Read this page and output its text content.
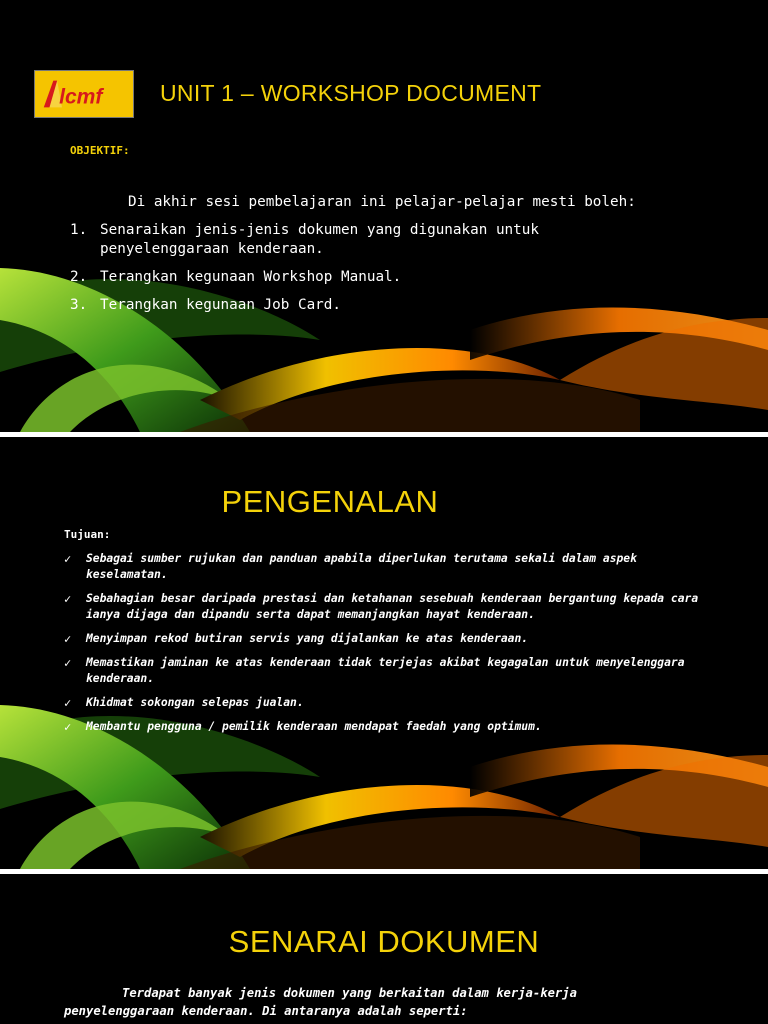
lcmf	UNIT 1 – WORKSHOP DOCUMENT
OBJEKTIF:
Di akhir sesi pembelajaran ini pelajar-pelajar mesti boleh:
1. Senaraikan jenis-jenis dokumen yang digunakan untuk penyelenggaraan kenderaan.
2. Terangkan kegunaan Workshop Manual.
3. Terangkan kegunaan Job Card.
PENGENALAN
Tujuan:
✓	Sebagai sumber rujukan dan panduan apabila diperlukan terutama sekali dalam aspek keselamatan.
✓	Sebahagian besar daripada prestasi dan ketahanan sesebuah kenderaan bergantung kepada cara ianya dijaga dan dipandu serta dapat memanjangkan hayat kenderaan.
✓	Menyimpan rekod butiran servis yang dijalankan ke atas kenderaan.
✓	Memastikan jaminan ke atas kenderaan tidak terjejas akibat kegagalan untuk menyelenggara kenderaan.
✓	Khidmat sokongan selepas jualan.
✓	Membantu pengguna / pemilik kenderaan mendapat faedah yang optimum.
SENARAI DOKUMEN
Terdapat banyak jenis dokumen yang berkaitan dalam kerja-kerja penyelenggaraan kenderaan. Di antaranya adalah seperti:
